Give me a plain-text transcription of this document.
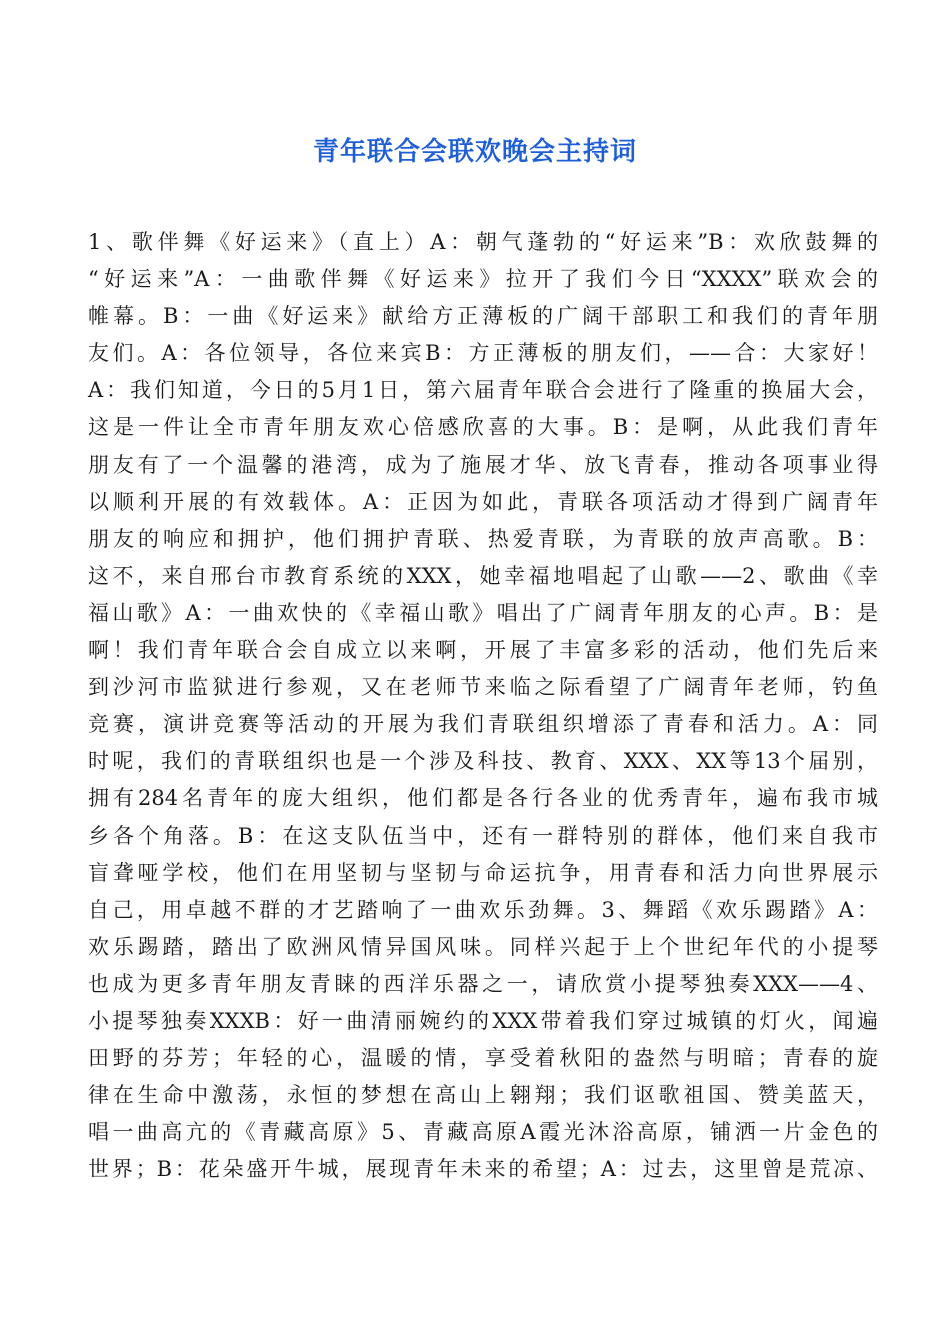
青年联合会联欢晚会主持词
1、歌伴舞《好运来》（直上）A：朝气蓬勃的“好运来”B：欢欣鼓舞的
“好运来”A：一曲歌伴舞《好运来》拉开了我们今日“XXXX”联欢会的
帷幕。B：一曲《好运来》献给方正薄板的广阔干部职工和我们的青年朋
友们。A：各位领导，各位来宾B：方正薄板的朋友们，——合：大家好！
A：我们知道，今日的5月1日，第六届青年联合会进行了隆重的换届大会，
这是一件让全市青年朋友欢心倍感欣喜的大事。B：是啊，从此我们青年
朋友有了一个温馨的港湾，成为了施展才华、放飞青春，推动各项事业得
以顺利开展的有效载体。A：正因为如此，青联各项活动才得到广阔青年
朋友的响应和拥护，他们拥护青联、热爱青联，为青联的放声高歌。B：
这不，来自邢台市教育系统的XXX，她幸福地唱起了山歌——2、歌曲《幸
福山歌》A：一曲欢快的《幸福山歌》唱出了广阔青年朋友的心声。B：是
啊！我们青年联合会自成立以来啊，开展了丰富多彩的活动，他们先后来
到沙河市监狱进行参观，又在老师节来临之际看望了广阔青年老师，钓鱼
竞赛，演讲竞赛等活动的开展为我们青联组织增添了青春和活力。A：同
时呢，我们的青联组织也是一个涉及科技、教育、XXX、XX等13个届别，
拥有284名青年的庞大组织，他们都是各行各业的优秀青年，遍布我市城
乡各个角落。B：在这支队伍当中，还有一群特别的群体，他们来自我市
盲聋哑学校，他们在用坚韧与坚韧与命运抗争，用青春和活力向世界展示
自己，用卓越不群的才艺踏响了一曲欢乐劲舞。3、舞蹈《欢乐踢踏》A：
欢乐踢踏，踏出了欧洲风情异国风味。同样兴起于上个世纪年代的小提琴
也成为更多青年朋友青睐的西洋乐器之一，请欣赏小提琴独奏XXX——4、
小提琴独奏XXXB：好一曲清丽婉约的XXX带着我们穿过城镇的灯火，闻遍
田野的芬芳；年轻的心，温暖的情，享受着秋阳的盎然与明暗；青春的旋
律在生命中激荡，永恒的梦想在高山上翱翔；我们讴歌祖国、赞美蓝天，
唱一曲高亢的《青藏高原》5、青藏高原A霞光沐浴高原，铺洒一片金色的
世界；B：花朵盛开牛城，展现青年未来的希望；A：过去，这里曾是荒凉、
